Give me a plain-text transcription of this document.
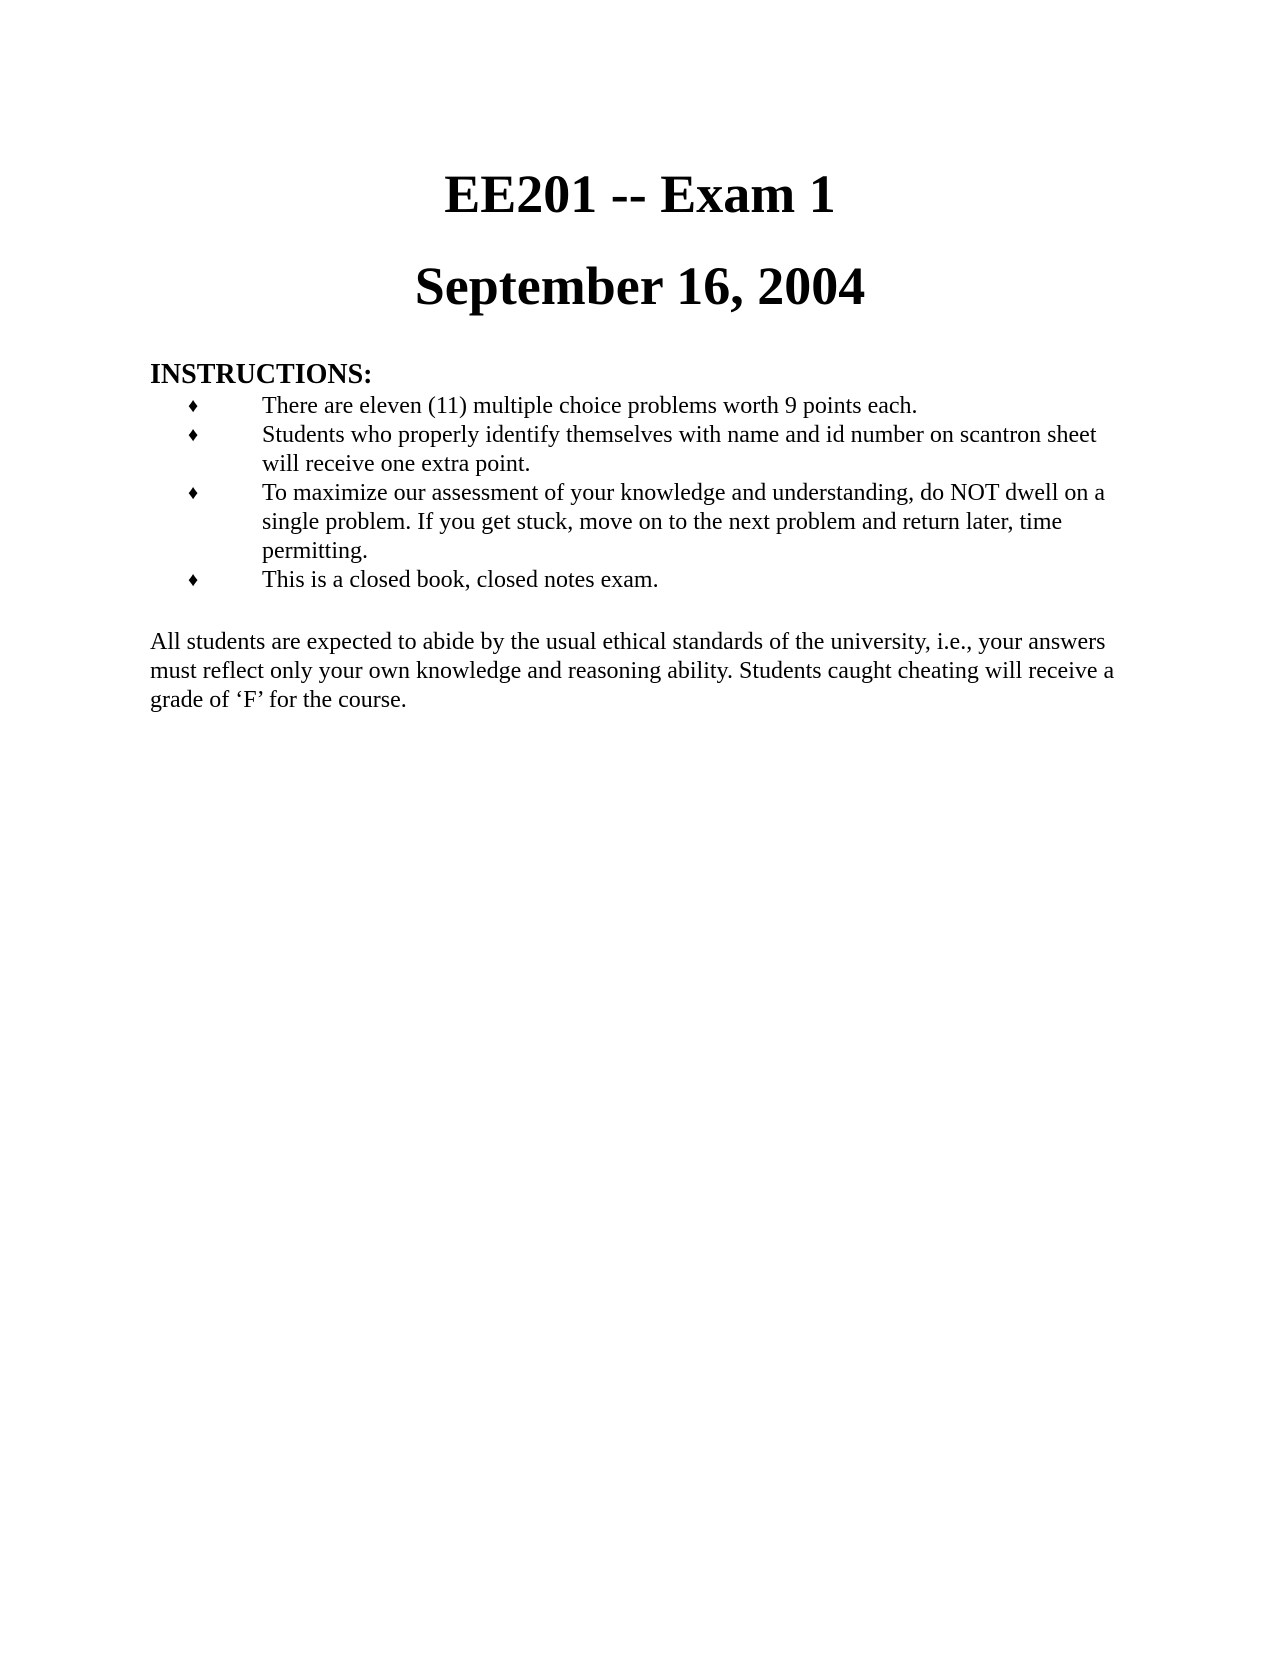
EE201 -- Exam 1

September 16, 2004

INSTRUCTIONS:

♦	There are eleven (11) multiple choice problems worth 9 points each.
♦	Students who properly identify themselves with name and id number on scantron sheet will receive one extra point.
♦	To maximize our assessment of your knowledge and understanding, do NOT dwell on a single problem. If you get stuck, move on to the next problem and return later, time permitting.
♦	This is a closed book, closed notes exam.

All students are expected to abide by the usual ethical standards of the university, i.e., your answers must reflect only your own knowledge and reasoning ability. Students caught cheating will receive a grade of ‘F’ for the course.
